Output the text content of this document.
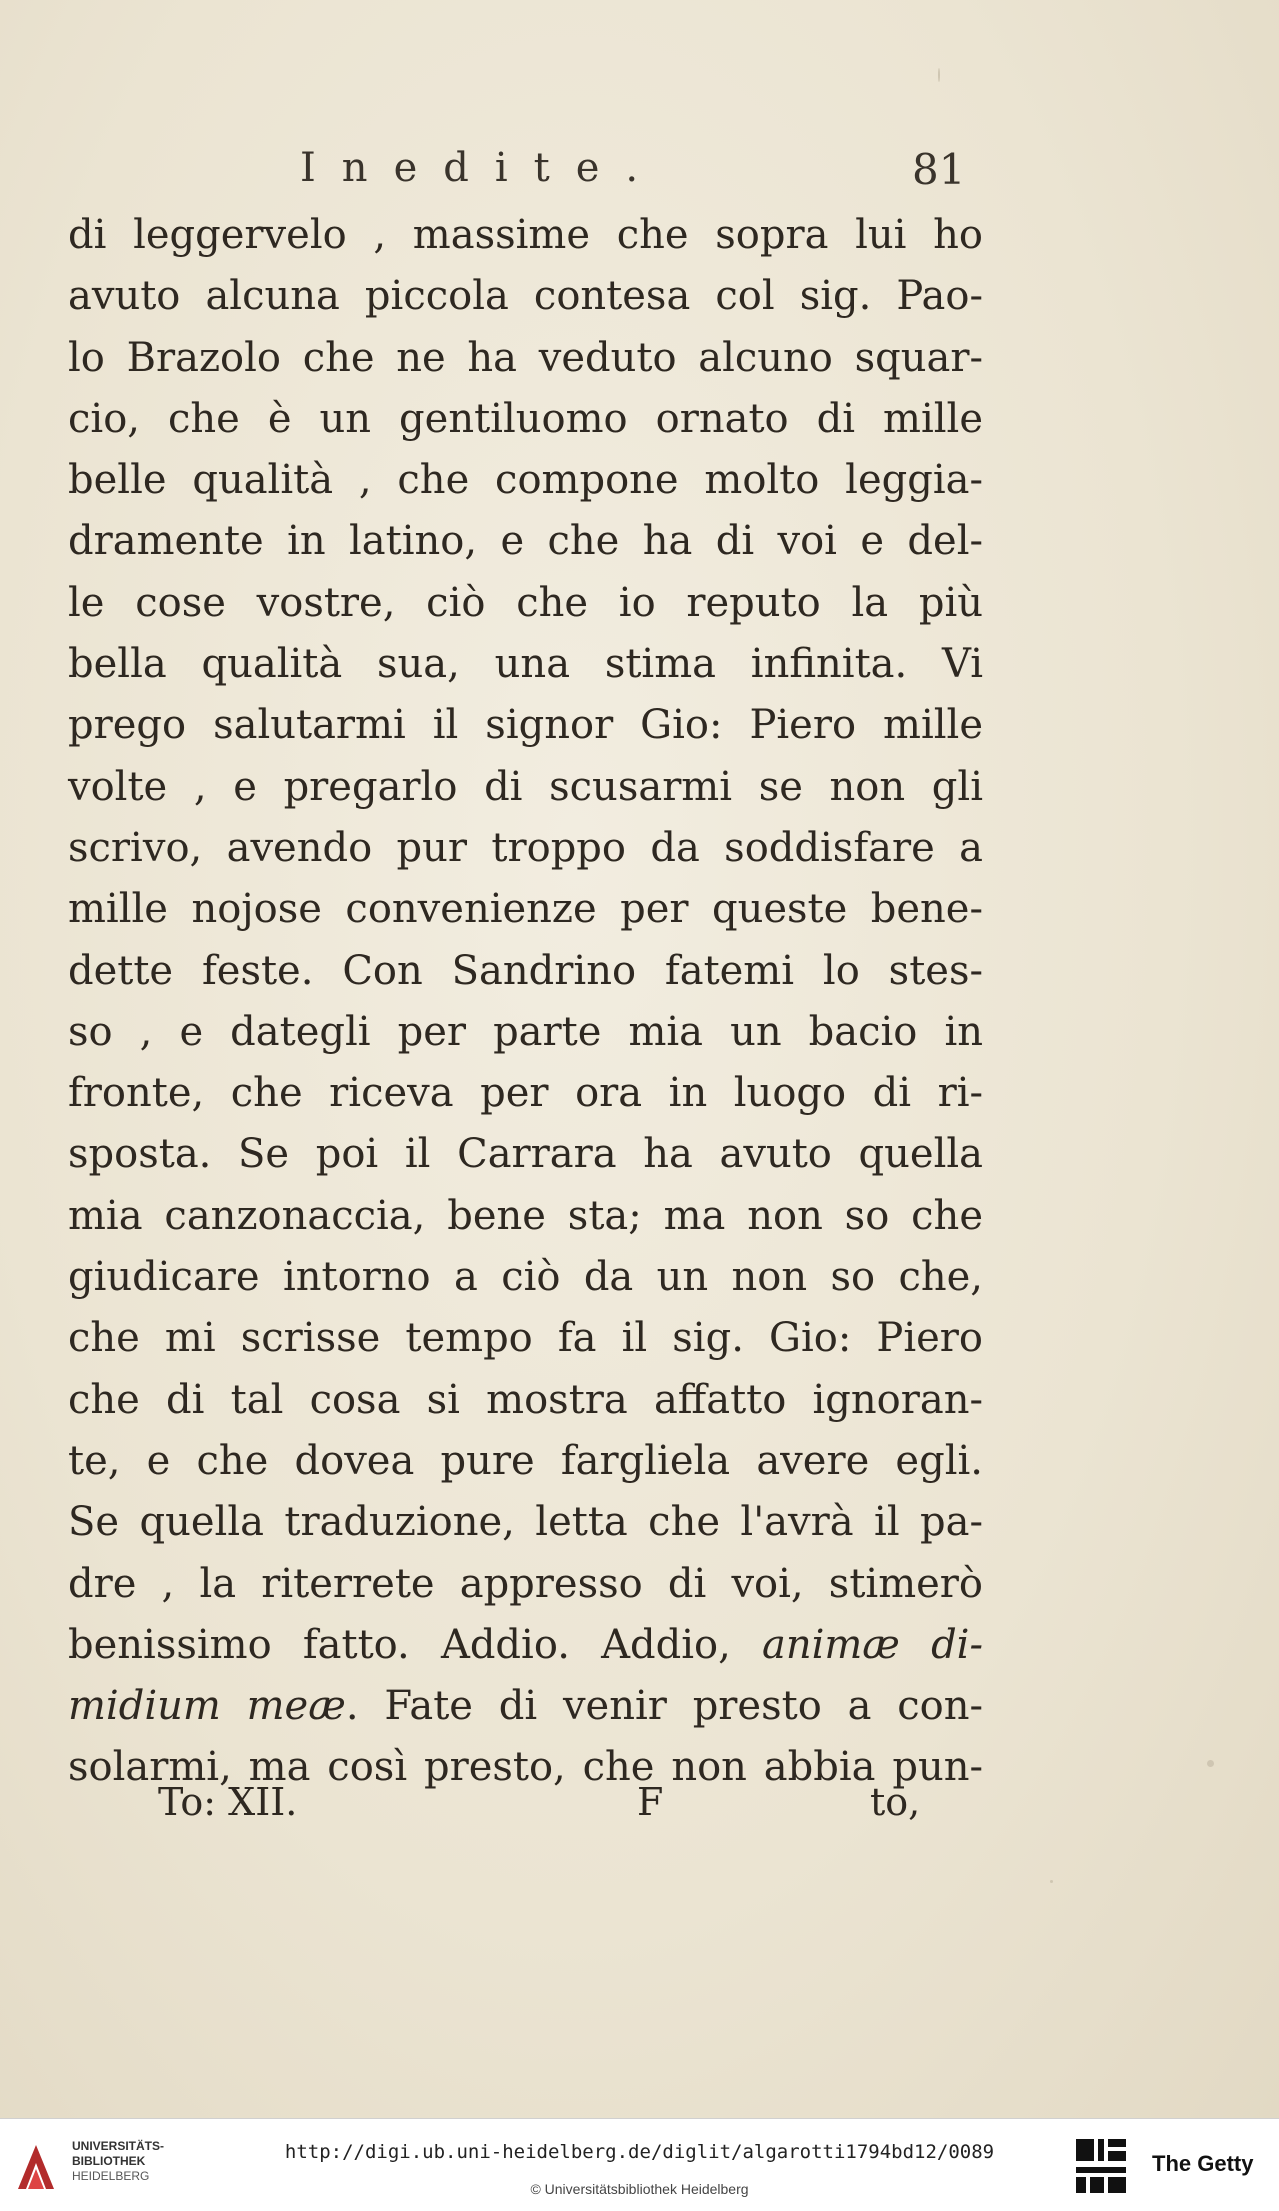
Inedite.	81
di leggervelo , massime che sopra lui ho
avuto alcuna piccola contesa col sig. Pao-
lo Brazolo che ne ha veduto alcuno squar-
cio, che è un gentiluomo ornato di mille
belle qualità , che compone molto leggia-
dramente in latino, e che ha di voi e del-
le cose vostre, ciò che io reputo la più
bella qualità sua, una stima infinita. Vi
prego salutarmi il signor Gio: Piero mille
volte , e pregarlo di scusarmi se non gli
scrivo, avendo pur troppo da soddisfare a
mille nojose convenienze per queste bene-
dette feste. Con Sandrino fatemi lo stes-
so , e dategli per parte mia un bacio in
fronte, che riceva per ora in luogo di ri-
sposta. Se poi il Carrara ha avuto quella
mia canzonaccia, bene sta; ma non so che
giudicare intorno a ciò da un non so che,
che mi scrisse tempo fa il sig. Gio: Piero
che di tal cosa si mostra affatto ignoran-
te, e che dovea pure fargliela avere egli.
Se quella traduzione, letta che l'avrà il pa-
dre , la riterrete appresso di voi, stimerò
benissimo fatto. Addio. Addio, animæ di-
midium meæ. Fate di venir presto a con-
solarmi, ma così presto, che non abbia pun-
To: XII.	F	to,
UNIVERSITÄTS-
BIBLIOTHEK
HEIDELBERG
http://digi.ub.uni-heidelberg.de/diglit/algarotti1794bd12/0089
© Universitätsbibliothek Heidelberg
The Getty
